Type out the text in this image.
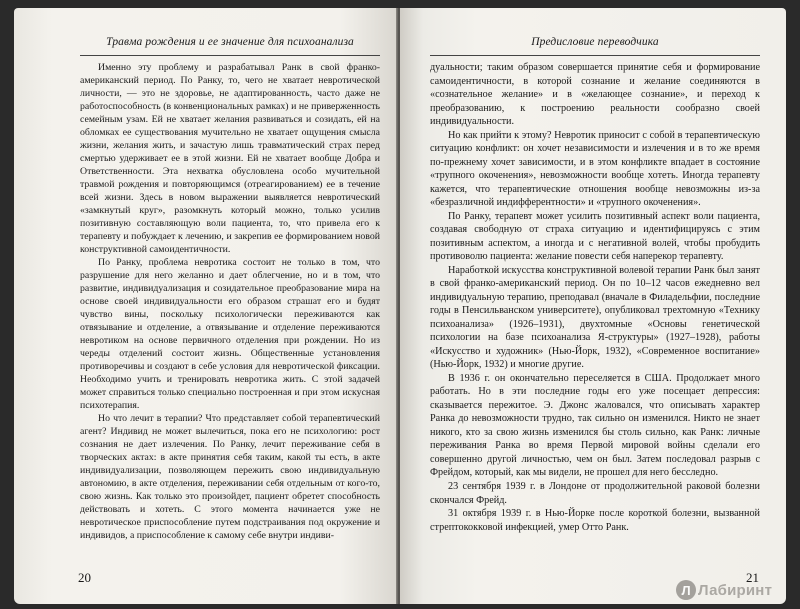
Травма рождения и ее значение для психоанализа

Именно эту проблему и разрабатывал Ранк в свой франко-американский период. По Ранку, то, чего не хватает невротической личности, — это не здоровье, не адаптированность, часто даже не работоспособность (в конвенциональных рамках) и не приверженность семейным узам. Ей не хватает желания развиваться и созидать, ей на обломках ее существования мучительно не хватает ощущения смысла жизни, желания жить, и зачастую лишь травматический страх перед смертью удерживает ее в этой жизни. Ей не хватает вообще Добра и Ответственности. Эта нехватка обусловлена особо мучительной травмой рождения и повторяющимся (отреагированием) ее в течение всей жизни. Здесь в новом выражении выявляется невротический «замкнутый круг», разомкнуть который можно, только усилив позитивную составляющую воли пациента, то, что привела его к терапевту и побуждает к лечению, и закрепив ее формированием новой конструктивной самоидентичности.

По Ранку, проблема невротика состоит не только в том, что разрушение для него желанно и дает облегчение, но и в том, что развитие, индивидуализация и созидательное преобразование мира на основе своей индивидуальности его образом страшат его и будят чувство вины, поскольку психологически переживаются как отвязывание и отделение, а отвязывание и отделение переживаются невротиком на основе первичного отделения при рождении. Но из череды отделений состоит жизнь. Общественные установления противоречивы и создают в себе условия для невротической фиксации. Необходимо учить и тренировать невротика жить. С этой задачей может справиться только специально построенная и при этом искусная психотерапия.

Но что лечит в терапии? Что представляет собой терапевтический агент? Индивид не может вылечиться, пока его не психологию: рост сознания не дает излечения. По Ранку, лечит переживание себя в творческих актах: в акте принятия себя таким, какой ты есть, в акте индивидуализации, позволяющем пережить свою индивидуальную автономию, в акте отделения, переживании себя отдельным от кого-то, свою жизнь. Как только это произойдет, пациент обретет способность действовать и хотеть. С этого момента начинается уже не невротическое приспособление путем подстраивания под окружение и индивидов, а приспособление к самому себе внутри индиви-

20
Предисловие переводчика

дуальности; таким образом совершается принятие себя и формирование самоидентичности, в которой сознание и желание соединяются в «сознательное желание» и в «желающее сознание», и переход к преобразованию, к построению реальности сообразно своей индивидуальности.

Но как прийти к этому? Невротик приносит с собой в терапевтическую ситуацию конфликт: он хочет независимости и излечения и в то же время по-прежнему хочет зависимости, и в этом конфликте впадает в состояние «трупного окоченения», невозможности вообще хотеть. Иногда терапевту кажется, что терапевтические отношения вообще невозможны из-за «безразличной индифферентности» и «трупного окоченения».

По Ранку, терапевт может усилить позитивный аспект воли пациента, создавая свободную от страха ситуацию и идентифицируясь с этим позитивным аспектом, а иногда и с негативной волей, чтобы пробудить противоволю пациента: желание повести себя наперекор терапевту.

Наработкой искусства конструктивной волевой терапии Ранк был занят в свой франко-американский период. Он по 10–12 часов ежедневно вел индивидуальную терапию, преподавал (вначале в Филадельфии, последние годы в Пенсильванском университете), опубликовал трехтомную «Технику психоанализа» (1926–1931), двухтомные «Основы генетической психологии на базе психоанализа Я-структуры» (1927–1928), работы «Искусство и художник» (Нью-Йорк, 1932), «Современное воспитание» (Нью-Йорк, 1932) и многие другие.

В 1936 г. он окончательно переселяется в США. Продолжает много работать. Но в эти последние годы его уже посещает депрессия: сказывается пережитое. Э. Джонс жаловался, что описывать характер Ранка до невозможности трудно, так сильно он изменился. Никто не знает никого, кто за свою жизнь изменился бы столь сильно, как Ранк: личные переживания Ранка во время Первой мировой войны сделали его совершенно другой личностью, чем он был. Затем последовал разрыв с Фрейдом, который, как мы видели, не прошел для него бесследно.

23 сентября 1939 г. в Лондоне от продолжительной раковой болезни скончался Фрейд.

31 октября 1939 г. в Нью-Йорке после короткой болезни, вызванной стрептококковой инфекцией, умер Отто Ранк.

21
Л Лабиринт
